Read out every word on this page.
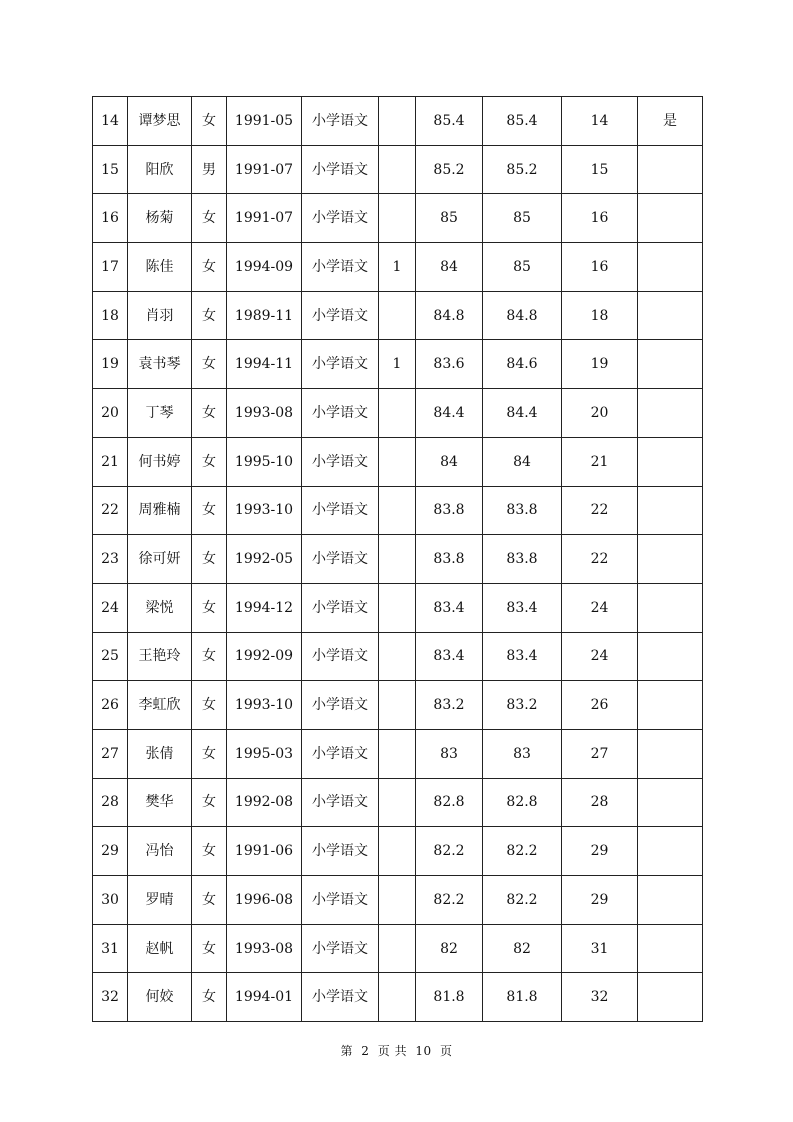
14	谭梦思	女	1991-05	小学语文		85.4	85.4	14	是
15	阳欣	男	1991-07	小学语文		85.2	85.2	15	
16	杨菊	女	1991-07	小学语文		85	85	16	
17	陈佳	女	1994-09	小学语文	1	84	85	16	
18	肖羽	女	1989-11	小学语文		84.8	84.8	18	
19	袁书琴	女	1994-11	小学语文	1	83.6	84.6	19	
20	丁琴	女	1993-08	小学语文		84.4	84.4	20	
21	何书婷	女	1995-10	小学语文		84	84	21	
22	周雅楠	女	1993-10	小学语文		83.8	83.8	22	
23	徐可妍	女	1992-05	小学语文		83.8	83.8	22	
24	梁悦	女	1994-12	小学语文		83.4	83.4	24	
25	王艳玲	女	1992-09	小学语文		83.4	83.4	24	
26	李虹欣	女	1993-10	小学语文		83.2	83.2	26	
27	张倩	女	1995-03	小学语文		83	83	27	
28	樊华	女	1992-08	小学语文		82.8	82.8	28	
29	冯怡	女	1991-06	小学语文		82.2	82.2	29	
30	罗晴	女	1996-08	小学语文		82.2	82.2	29	
31	赵帆	女	1993-08	小学语文		82	82	31	
32	何姣	女	1994-01	小学语文		81.8	81.8	32	
第 2 页 共 10 页
